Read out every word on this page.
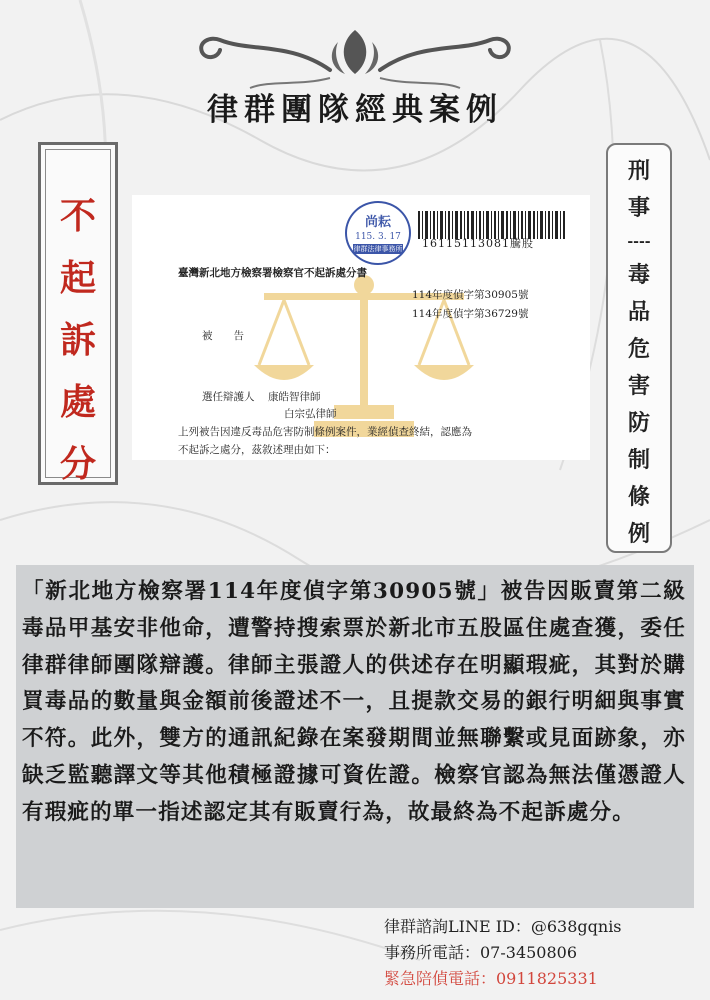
律群團隊經典案例
不
起
訴
處
分
刑
事
----
毒
品
危
害
防
制
條
例
尚耘
115. 3. 17
律群法律事務所 16115113081騰股
臺灣新北地方檢察署檢察官不起訴處分書
114年度偵字第30905號
114年度偵字第36729號
被　　告
選任辯護人 康皓智律師
白宗弘律師
上列被告因違反毒品危害防制條例案件，業經偵查終結，認應為
不起訴之處分，茲敘述理由如下：
「新北地方檢察署114年度偵字第30905號」被告因販賣第二級毒品甲基安非他命，遭警持搜索票於新北市五股區住處查獲，委任律群律師團隊辯護。律師主張證人的供述存在明顯瑕疵，其對於購買毒品的數量與金額前後證述不一，且提款交易的銀行明細與事實不符。此外，雙方的通訊紀錄在案發期間並無聯繫或見面跡象，亦缺乏監聽譯文等其他積極證據可資佐證。檢察官認為無法僅憑證人有瑕疵的單一指述認定其有販賣行為，故最終為不起訴處分。
律群諮詢LINE ID：@638gqnis
事務所電話：07-3450806
緊急陪偵電話：0911825331
